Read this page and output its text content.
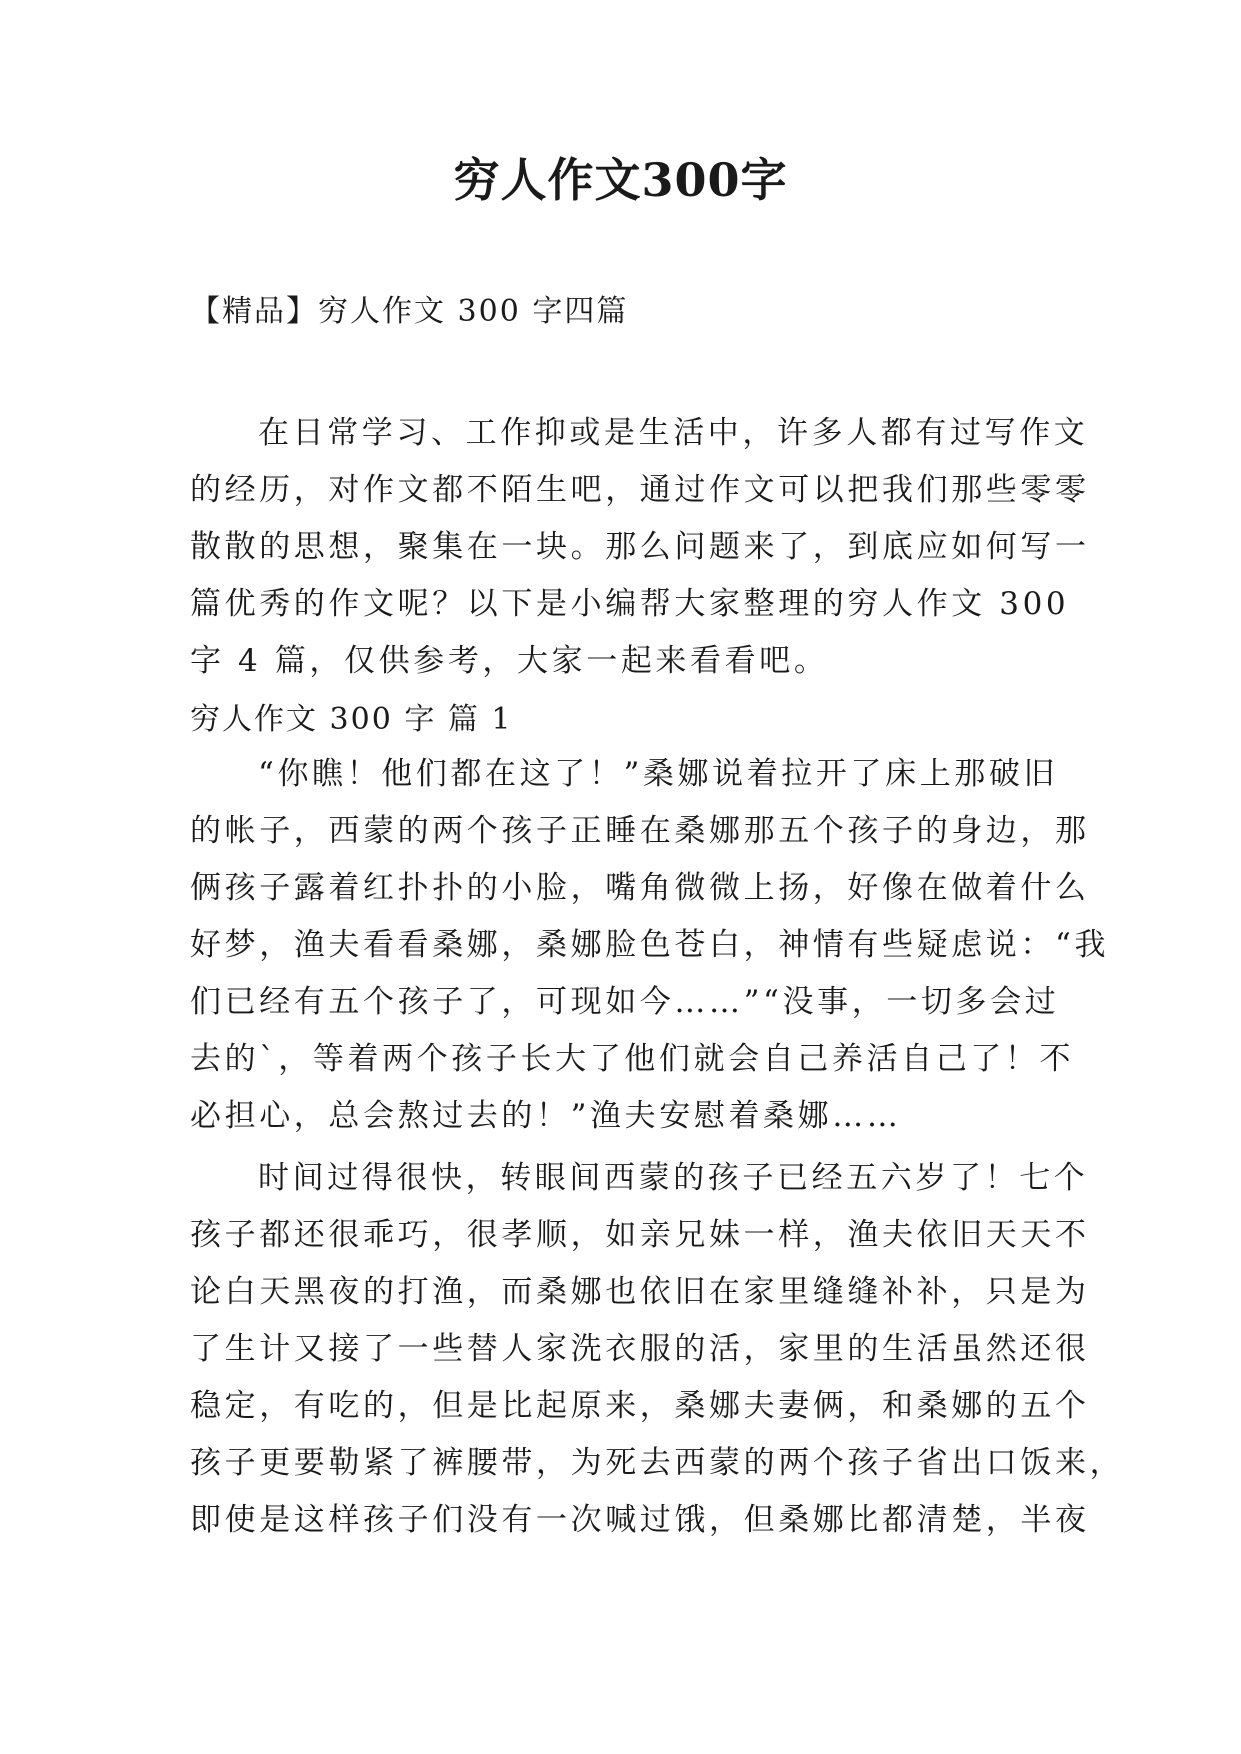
穷人作文300字
【精品】穷人作文 300 字四篇
在日常学习、工作抑或是生活中，许多人都有过写作文
的经历，对作文都不陌生吧，通过作文可以把我们那些零零
散散的思想，聚集在一块。那么问题来了，到底应如何写一
篇优秀的作文呢？以下是小编帮大家整理的穷人作文 300
字 4 篇，仅供参考，大家一起来看看吧。
穷人作文 300 字 篇 1
“你瞧！他们都在这了！”桑娜说着拉开了床上那破旧
的帐子，西蒙的两个孩子正睡在桑娜那五个孩子的身边，那
俩孩子露着红扑扑的小脸，嘴角微微上扬，好像在做着什么
好梦，渔夫看看桑娜，桑娜脸色苍白，神情有些疑虑说：“我
们已经有五个孩子了，可现如今……”“没事，一切多会过
去的`，等着两个孩子长大了他们就会自己养活自己了！不
必担心，总会熬过去的！”渔夫安慰着桑娜……
时间过得很快，转眼间西蒙的孩子已经五六岁了！七个
孩子都还很乖巧，很孝顺，如亲兄妹一样，渔夫依旧天天不
论白天黑夜的打渔，而桑娜也依旧在家里缝缝补补，只是为
了生计又接了一些替人家洗衣服的活，家里的生活虽然还很
稳定，有吃的，但是比起原来，桑娜夫妻俩，和桑娜的五个
孩子更要勒紧了裤腰带，为死去西蒙的两个孩子省出口饭来，
即使是这样孩子们没有一次喊过饿，但桑娜比都清楚，半夜
